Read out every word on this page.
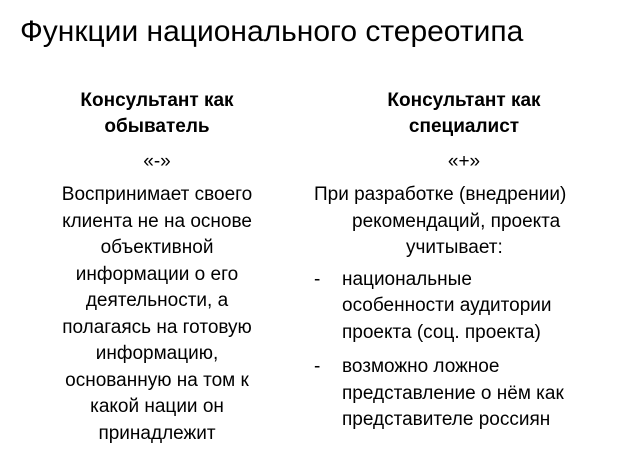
Функции национального стереотипа
Консультант как
обыватель
«-»
Воспринимает своего
клиента не на основе
объективной
информации о его
деятельности, а
полагаясь на готовую
информацию,
основанную на том к
какой нации он
принадлежит
Консультант как
специалист
«+»
При разработке (внедрении)
рекомендаций, проекта
учитывает:
- национальные
особенности аудитории
проекта (соц. проекта)
- возможно ложное
представление о нём как
представителе россиян
